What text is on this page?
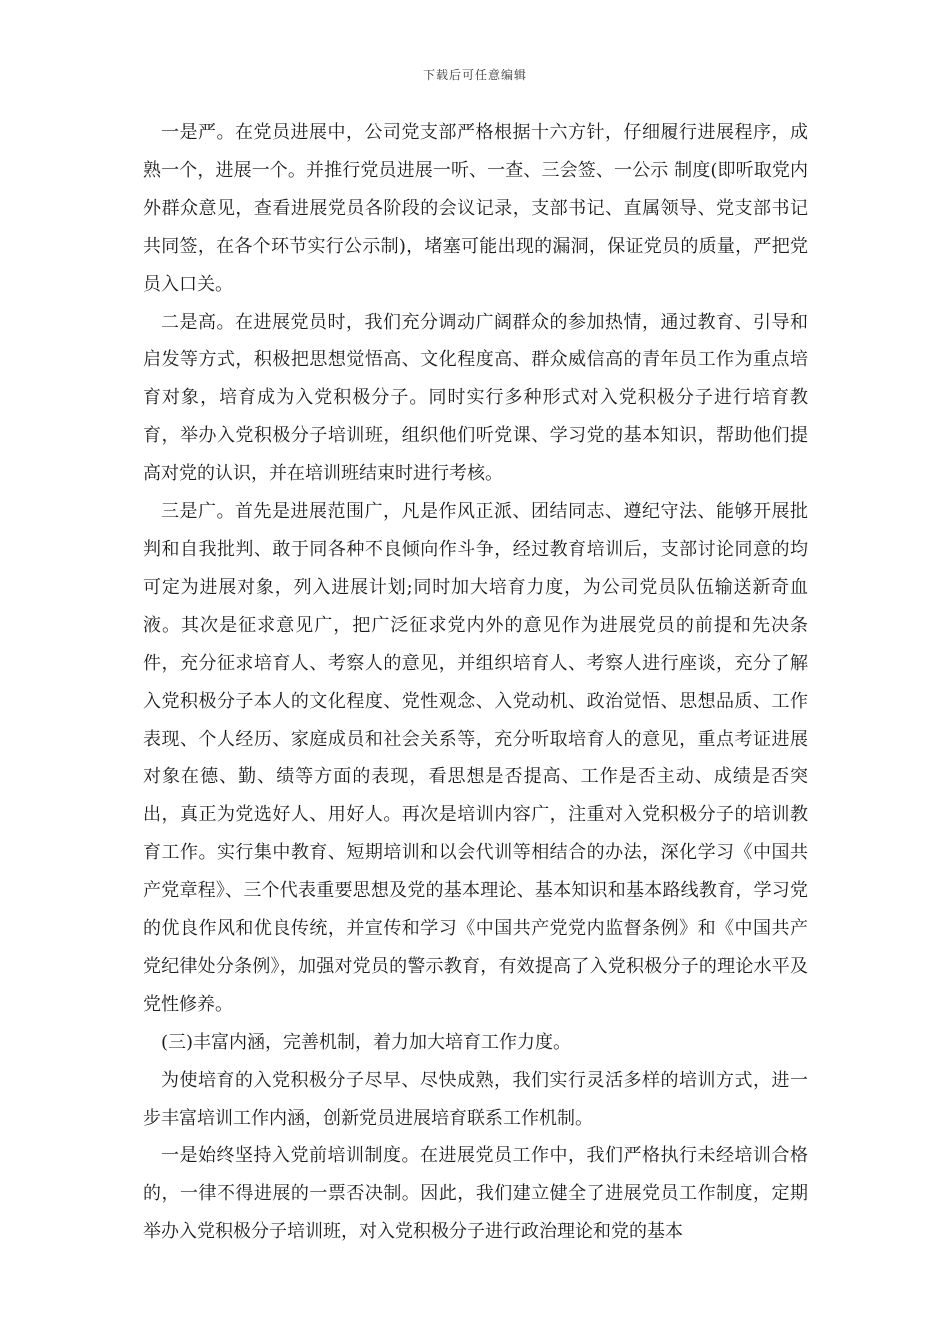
下载后可任意编辑

一是严。在党员进展中，公司党支部严格根据十六方针，仔细履行进展程序，成熟一个，进展一个。并推行党员进展一听、一查、三会签、一公示 制度(即听取党内外群众意见，查看进展党员各阶段的会议记录，支部书记、直属领导、党支部书记共同签，在各个环节实行公示制)，堵塞可能出现的漏洞，保证党员的质量，严把党员入口关。

二是高。在进展党员时，我们充分调动广阔群众的参加热情，通过教育、引导和启发等方式，积极把思想觉悟高、文化程度高、群众威信高的青年员工作为重点培育对象，培育成为入党积极分子。同时实行多种形式对入党积极分子进行培育教育，举办入党积极分子培训班，组织他们听党课、学习党的基本知识，帮助他们提高对党的认识，并在培训班结束时进行考核。

三是广。首先是进展范围广，凡是作风正派、团结同志、遵纪守法、能够开展批判和自我批判、敢于同各种不良倾向作斗争，经过教育培训后，支部讨论同意的均可定为进展对象，列入进展计划;同时加大培育力度，为公司党员队伍输送新奇血液。其次是征求意见广，把广泛征求党内外的意见作为进展党员的前提和先决条件，充分征求培育人、考察人的意见，并组织培育人、考察人进行座谈，充分了解入党积极分子本人的文化程度、党性观念、入党动机、政治觉悟、思想品质、工作表现、个人经历、家庭成员和社会关系等，充分听取培育人的意见，重点考证进展对象在德、勤、绩等方面的表现，看思想是否提高、工作是否主动、成绩是否突出，真正为党选好人、用好人。再次是培训内容广，注重对入党积极分子的培训教育工作。实行集中教育、短期培训和以会代训等相结合的办法，深化学习《中国共产党章程》、三个代表重要思想及党的基本理论、基本知识和基本路线教育，学习党的优良作风和优良传统，并宣传和学习《中国共产党党内监督条例》和《中国共产党纪律处分条例》，加强对党员的警示教育，有效提高了入党积极分子的理论水平及党性修养。

(三)丰富内涵，完善机制，着力加大培育工作力度。

为使培育的入党积极分子尽早、尽快成熟，我们实行灵活多样的培训方式，进一步丰富培训工作内涵，创新党员进展培育联系工作机制。

一是始终坚持入党前培训制度。在进展党员工作中，我们严格执行未经培训合格的，一律不得进展的一票否决制。因此，我们建立健全了进展党员工作制度，定期举办入党积极分子培训班，对入党积极分子进行政治理论和党的基本
